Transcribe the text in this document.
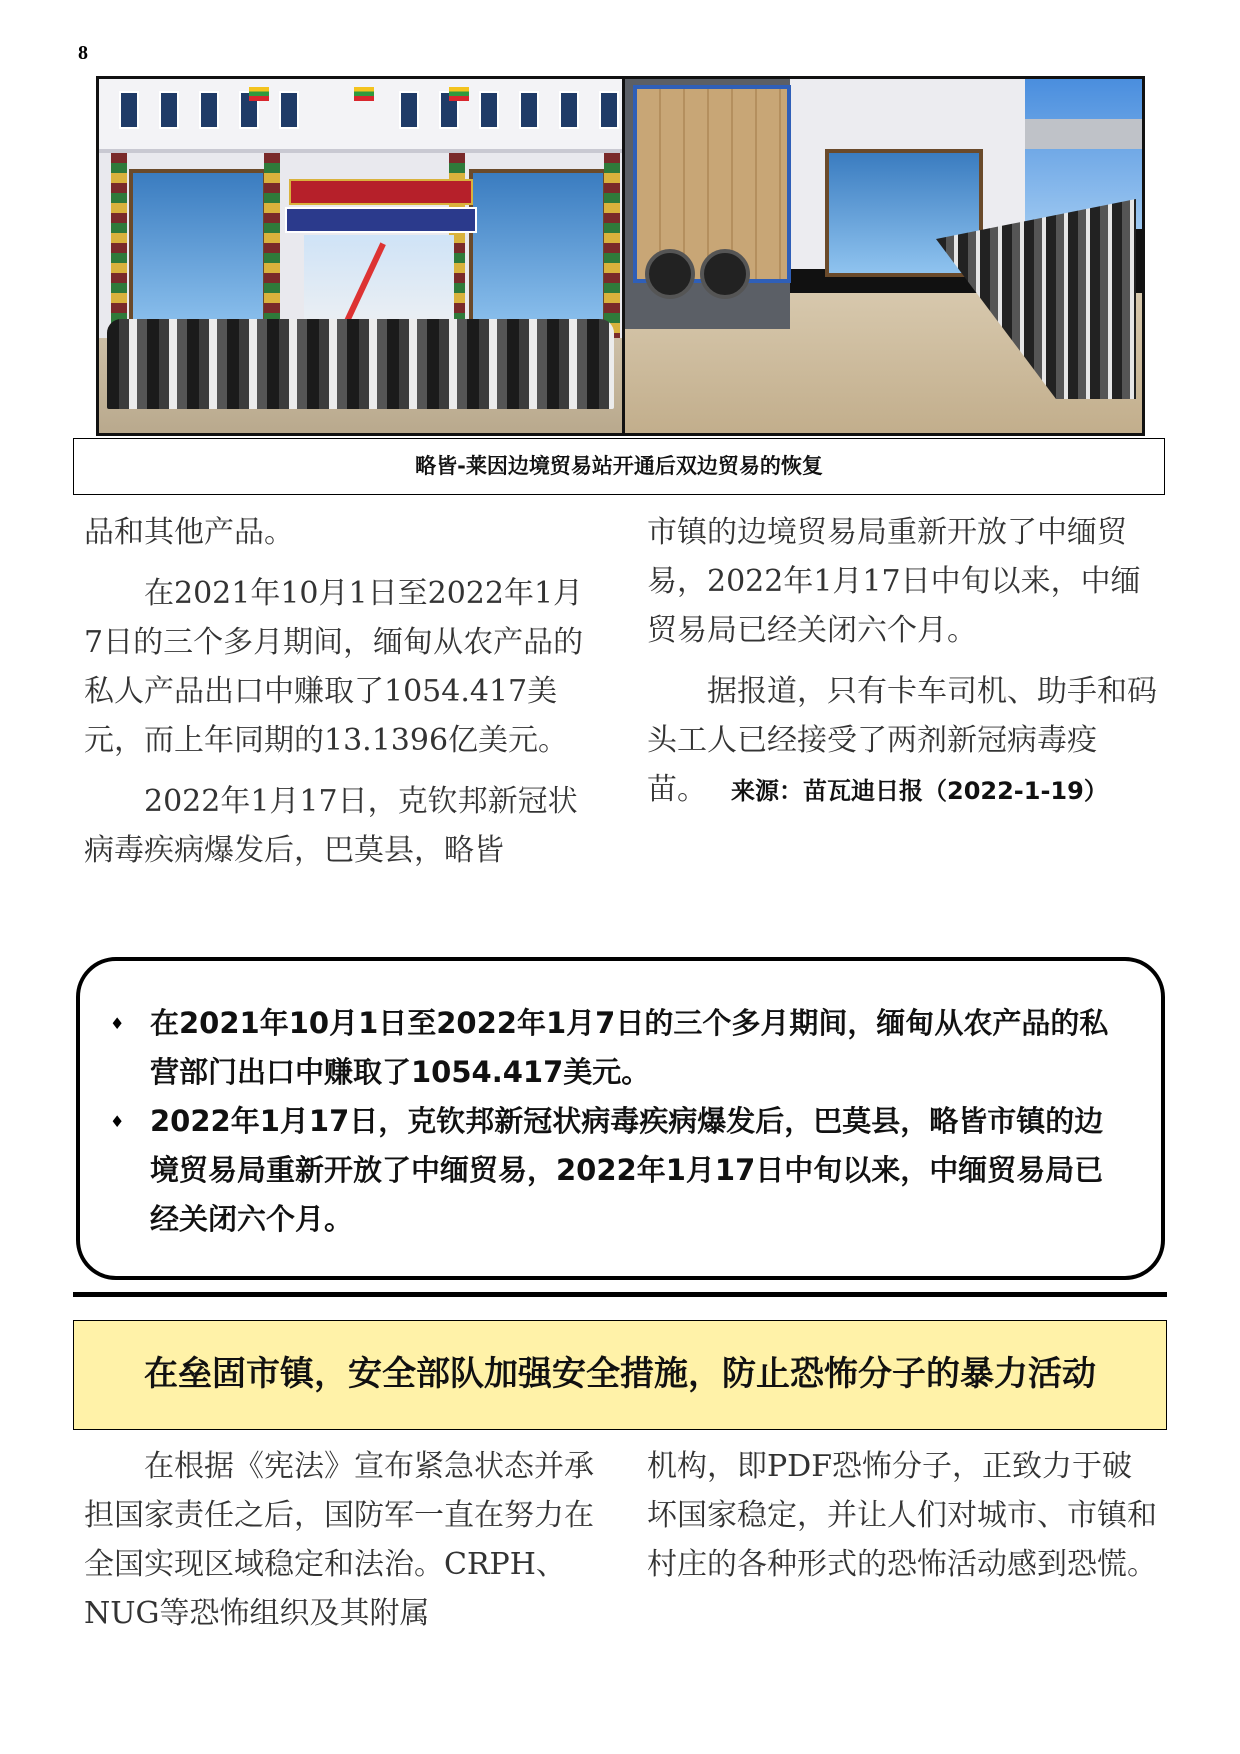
8
略皆-莱因边境贸易站开通后双边贸易的恢复

品和其他产品。

在2021年10月1日至2022年1月7日的三个多月期间，缅甸从农产品的私人产品出口中赚取了1054.417美元，而上年同期的13.1396亿美元。

2022年1月17日，克钦邦新冠状病毒疾病爆发后，巴莫县，略皆

市镇的边境贸易局重新开放了中缅贸易，2022年1月17日中旬以来，中缅贸易局已经关闭六个月。

据报道，只有卡车司机、助手和码头工人已经接受了两剂新冠病毒疫

苗。 来源：苗瓦迪日报（2022-1-19）

♦ 在2021年10月1日至2022年1月7日的三个多月期间，缅甸从农产品的私营部门出口中赚取了1054.417美元。
♦ 2022年1月17日，克钦邦新冠状病毒疾病爆发后，巴莫县，略皆市镇的边境贸易局重新开放了中缅贸易，2022年1月17日中旬以来，中缅贸易局已经关闭六个月。
在垒固市镇，安全部队加强安全措施，防止恐怖分子的暴力活动

在根据《宪法》宣布紧急状态并承担国家责任之后，国防军一直在努力在全国实现区域稳定和法治。CRPH、NUG等恐怖组织及其附属

机构，即PDF恐怖分子，正致力于破坏国家稳定，并让人们对城市、市镇和村庄的各种形式的恐怖活动感到恐慌。
